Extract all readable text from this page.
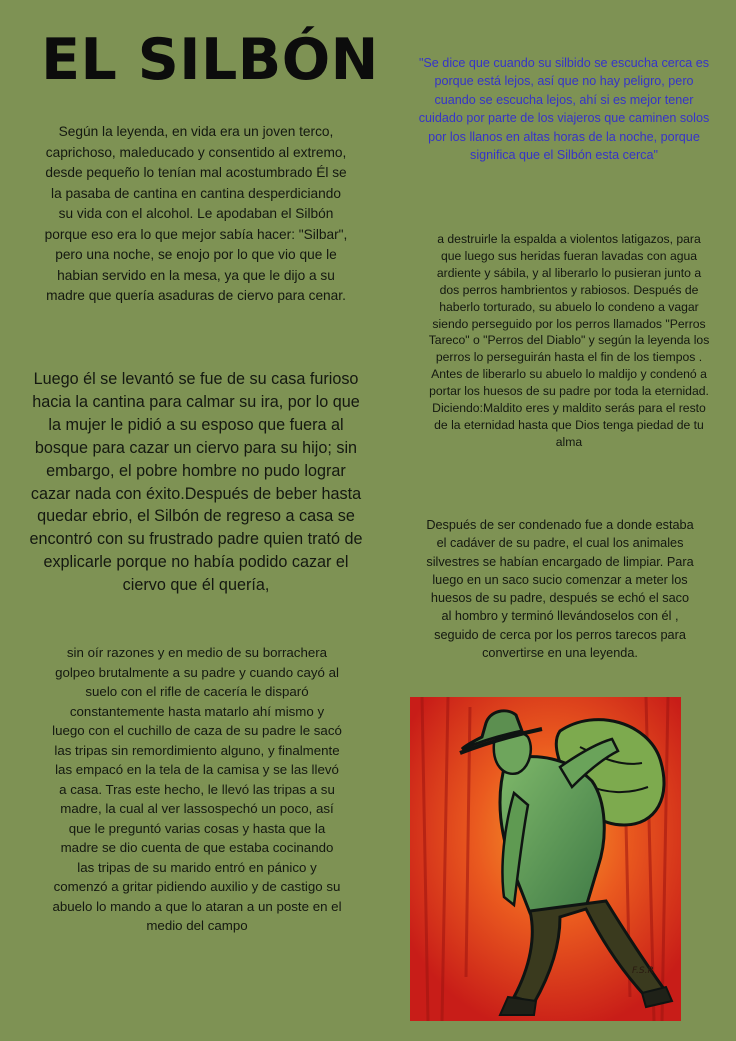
EL SILBÓN	"Se dice que cuando su silbido se escucha cerca es porque está lejos, así que no hay peligro, pero cuando se escucha lejos, ahí si es mejor tener cuidado por parte de los viajeros que caminen solos por los llanos en altas horas de la noche, porque significa que el Silbón esta cerca"

Según la leyenda, en vida era un joven terco, caprichoso, maleducado y consentido al extremo, desde pequeño lo tenían mal acostumbrado Él se la pasaba de cantina en cantina desperdiciando su vida con el alcohol. Le apodaban el Silbón porque eso era lo que mejor sabía hacer: "Silbar", pero una noche, se enojo por lo que vio que le habian servido en la mesa, ya que le dijo a su madre que quería asaduras de ciervo para cenar.

Luego él se levantó se fue de su casa furioso hacia la cantina para calmar su ira, por lo que la mujer le pidió a su esposo que fuera al bosque para cazar un ciervo para su hijo; sin embargo, el pobre hombre no pudo lograr cazar nada con éxito.Después de beber hasta quedar ebrio, el Silbón de regreso a casa se encontró con su frustrado padre quien trató de explicarle porque no había podido cazar el ciervo que él quería,

sin oír razones y en medio de su borrachera golpeo brutalmente a su padre y cuando cayó al suelo con el rifle de cacería le disparó constantemente hasta matarlo ahí mismo y luego con el cuchillo de caza de su padre le sacó las tripas sin remordimiento alguno, y finalmente las empacó en la tela de la camisa y se las llevó a casa. Tras este hecho, le llevó las tripas a su madre, la cual al ver lassospechó un poco, así que le preguntó varias cosas y hasta que la madre se dio cuenta de que estaba cocinando las tripas de su marido entró en pánico y comenzó a gritar pidiendo auxilio y de castigo su abuelo lo mando a que lo ataran a un poste en el medio del campo

a destruirle la espalda a violentos latigazos, para que luego sus heridas fueran lavadas con agua ardiente y sábila, y al liberarlo lo pusieran junto a dos perros hambrientos y rabiosos. Después de haberlo torturado, su abuelo lo condeno a vagar siendo perseguido por los perros llamados "Perros Tareco" o "Perros del Diablo" y según la leyenda los perros lo perseguirán hasta el fin de los tiempos . Antes de liberarlo su abuelo lo maldijo y condenó a portar los huesos de su padre por toda la eternidad. Diciendo:Maldito eres y maldito serás para el resto de la eternidad hasta que Dios tenga piedad de tu alma

Después de ser condenado fue a donde estaba el cadáver de su padre, el cual los animales silvestres se habían encargado de limpiar. Para luego en un saco sucio comenzar a meter los huesos de su padre, después se echó el saco al hombro y terminó llevándoselos con él , seguido de cerca por los perros tarecos para convertirse en una leyenda.

F.S.R
